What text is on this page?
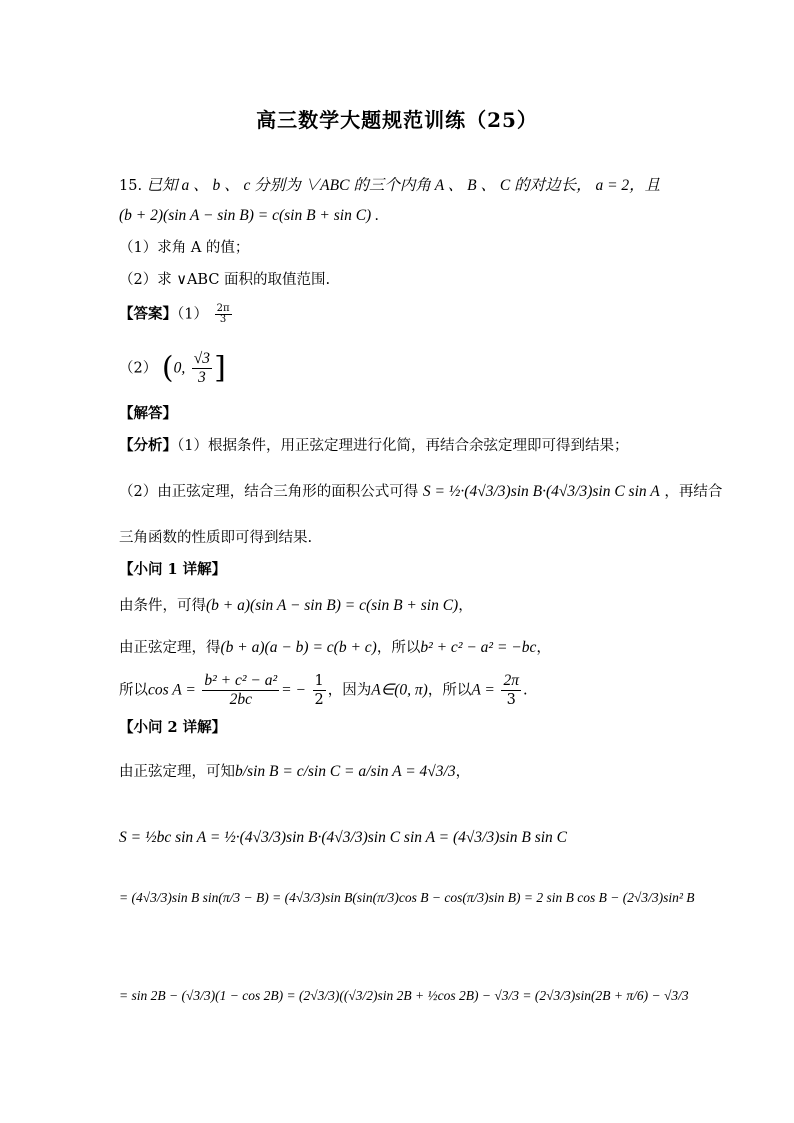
高三数学大题规范训练（25）
15. 已知 a 、 b 、 c 分别为 ∨ABC 的三个内角 A 、 B 、 C 的对边长， a = 2，且
(b + 2)(sin A − sin B) = c(sin B + sin C) .
（1）求角 A 的值；
（2）求 ∨ABC 面积的取值范围.
【答案】$(1) \frac{2\pi}{3}$
（2） (0, $\frac{√3}{3}$ ]
【解答】
【分析】（1）根据条件，用正弦定理进行化简，再结合余弦定理即可得到结果；
（2）由正弦定理，结合三角形的面积公式可得 S = ½·(4√3/3)sin B·(4√3/3)sin C sin A ，再结合
三角函数的性质即可得到结果.
【小问 1 详解】
由条件，可得(b + a)(sin A − sin B) = c(sin B + sin C)，
由正弦定理，得(b + a)(a − b) = c(b + c)，所以b² + c² − a² = −bc，
所以$\cos A = \frac{\text{b² + c² − a²}}{2bc}$ = − $\frac{1}{2}$ ，因为A∈(0, π)，所以$A = \frac{2\pi}{3}$ .
【小问 2 详解】
由正弦定理，可知b/sin B = c/sin C = a/sin A = 4√3/3，
S = ½bc sin A = ½·(4√3/3)sin B·(4√3/3)sin C sin A = (4√3/3)sin B sin C
= (4√3/3)sin B sin(π/3 − B) = (4√3/3)sin B(sin(π/3)cos B − cos(π/3)sin B) = 2 sin B cos B − (2√3/3)sin² B
= sin 2B − (√3/3)(1 − cos 2B) = (2√3/3)((√3/2)sin 2B + ½cos 2B) − √3/3 = (2√3/3)sin(2B + π/6) − √3/3
